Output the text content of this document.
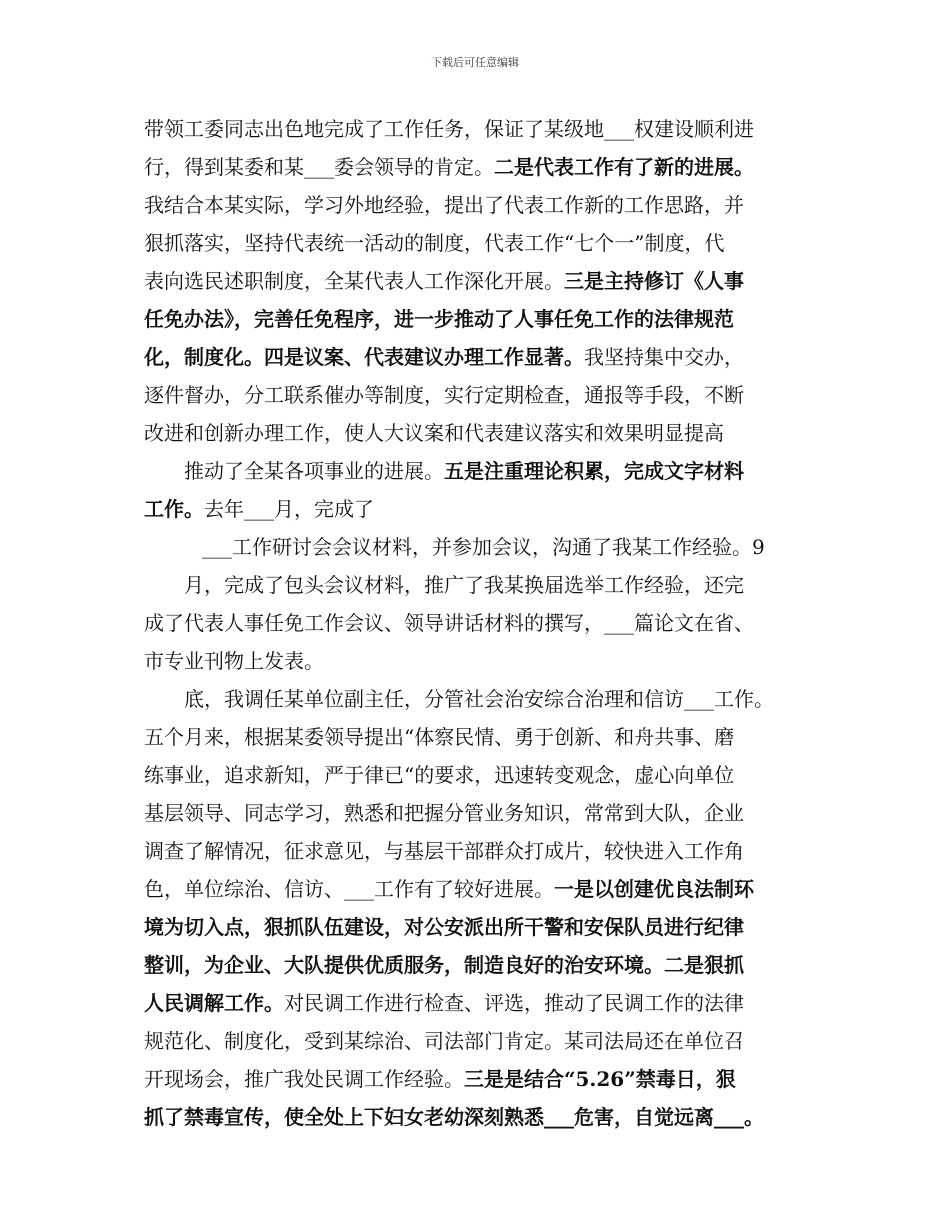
下载后可任意编辑
带领工委同志出色地完成了工作任务，保证了某级地___权建设顺利进
行，得到某委和某___委会领导的肯定。二是代表工作有了新的进展。
我结合本某实际，学习外地经验，提出了代表工作新的工作思路，并
狠抓落实，坚持代表统一活动的制度，代表工作“七个一”制度，代
表向选民述职制度，全某代表人工作深化开展。三是主持修订《人事
任免办法》，完善任免程序，进一步推动了人事任免工作的法律规范
化，制度化。四是议案、代表建议办理工作显著。我坚持集中交办，
逐件督办，分工联系催办等制度，实行定期检查，通报等手段，不断
改进和创新办理工作，使人大议案和代表建议落实和效果明显提高
推动了全某各项事业的进展。五是注重理论积累，完成文字材料
工作。去年___月，完成了
___工作研讨会会议材料，并参加会议，沟通了我某工作经验。9
月，完成了包头会议材料，推广了我某换届选举工作经验，还完
成了代表人事任免工作会议、领导讲话材料的撰写，___篇论文在省、
市专业刊物上发表。
底，我调任某单位副主任，分管社会治安综合治理和信访___工作。
五个月来，根据某委领导提出“体察民情、勇于创新、和舟共事、磨
练事业，追求新知，严于律已“的要求，迅速转变观念，虚心向单位
基层领导、同志学习，熟悉和把握分管业务知识，常常到大队，企业
调查了解情况，征求意见，与基层干部群众打成片，较快进入工作角
色，单位综治、信访、___工作有了较好进展。一是以创建优良法制环
境为切入点，狠抓队伍建设，对公安派出所干警和安保队员进行纪律
整训，为企业、大队提供优质服务，制造良好的治安环境。二是狠抓
人民调解工作。对民调工作进行检查、评选，推动了民调工作的法律
规范化、制度化，受到某综治、司法部门肯定。某司法局还在单位召
开现场会，推广我处民调工作经验。三是是结合“5.26”禁毒日，狠
抓了禁毒宣传，使全处上下妇女老幼深刻熟悉___危害，自觉远离___。
